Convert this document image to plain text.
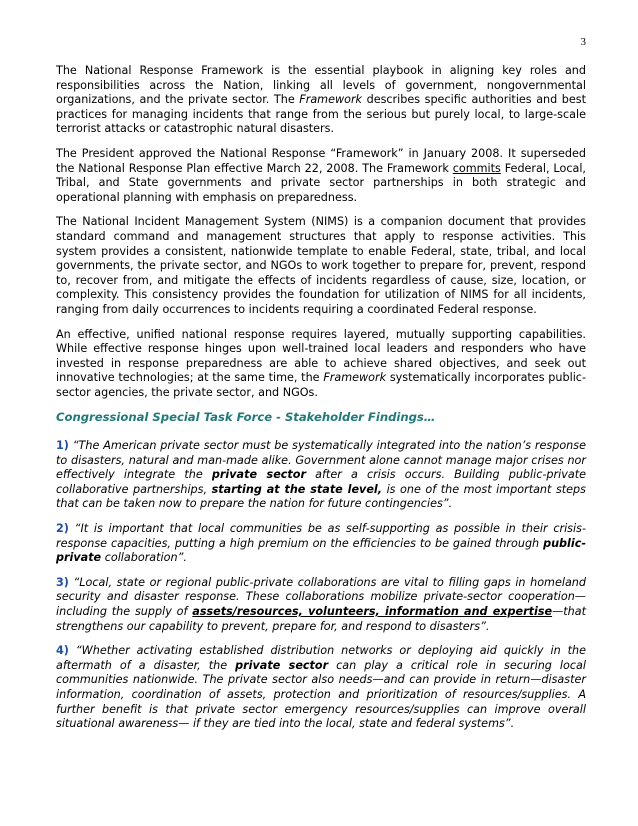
3

The National Response Framework is the essential playbook in aligning key roles and responsibilities across the Nation, linking all levels of government, nongovernmental organizations, and the private sector. The Framework describes specific authorities and best practices for managing incidents that range from the serious but purely local, to large-scale terrorist attacks or catastrophic natural disasters.

The President approved the National Response “Framework” in January 2008. It superseded the National Response Plan effective March 22, 2008. The Framework commits Federal, Local, Tribal, and State governments and private sector partnerships in both strategic and operational planning with emphasis on preparedness.

The National Incident Management System (NIMS) is a companion document that provides standard command and management structures that apply to response activities. This system provides a consistent, nationwide template to enable Federal, state, tribal, and local governments, the private sector, and NGOs to work together to prepare for, prevent, respond to, recover from, and mitigate the effects of incidents regardless of cause, size, location, or complexity. This consistency provides the foundation for utilization of NIMS for all incidents, ranging from daily occurrences to incidents requiring a coordinated Federal response.

An effective, unified national response requires layered, mutually supporting capabilities. While effective response hinges upon well-trained local leaders and responders who have invested in response preparedness are able to achieve shared objectives, and seek out innovative technologies; at the same time, the Framework systematically incorporates public-sector agencies, the private sector, and NGOs.

Congressional Special Task Force - Stakeholder Findings…

1) “The American private sector must be systematically integrated into the nation’s response to disasters, natural and man-made alike. Government alone cannot manage major crises nor effectively integrate the private sector after a crisis occurs. Building public-private collaborative partnerships, starting at the state level, is one of the most important steps that can be taken now to prepare the nation for future contingencies”.

2) “It is important that local communities be as self-supporting as possible in their crisis-response capacities, putting a high premium on the efficiencies to be gained through public-private collaboration”.

3) “Local, state or regional public-private collaborations are vital to filling gaps in homeland security and disaster response. These collaborations mobilize private-sector cooperation—including the supply of assets/resources, volunteers, information and expertise—that strengthens our capability to prevent, prepare for, and respond to disasters”.

4) “Whether activating established distribution networks or deploying aid quickly in the aftermath of a disaster, the private sector can play a critical role in securing local communities nationwide. The private sector also needs—and can provide in return—disaster information, coordination of assets, protection and prioritization of resources/supplies. A further benefit is that private sector emergency resources/supplies can improve overall situational awareness— if they are tied into the local, state and federal systems”.
